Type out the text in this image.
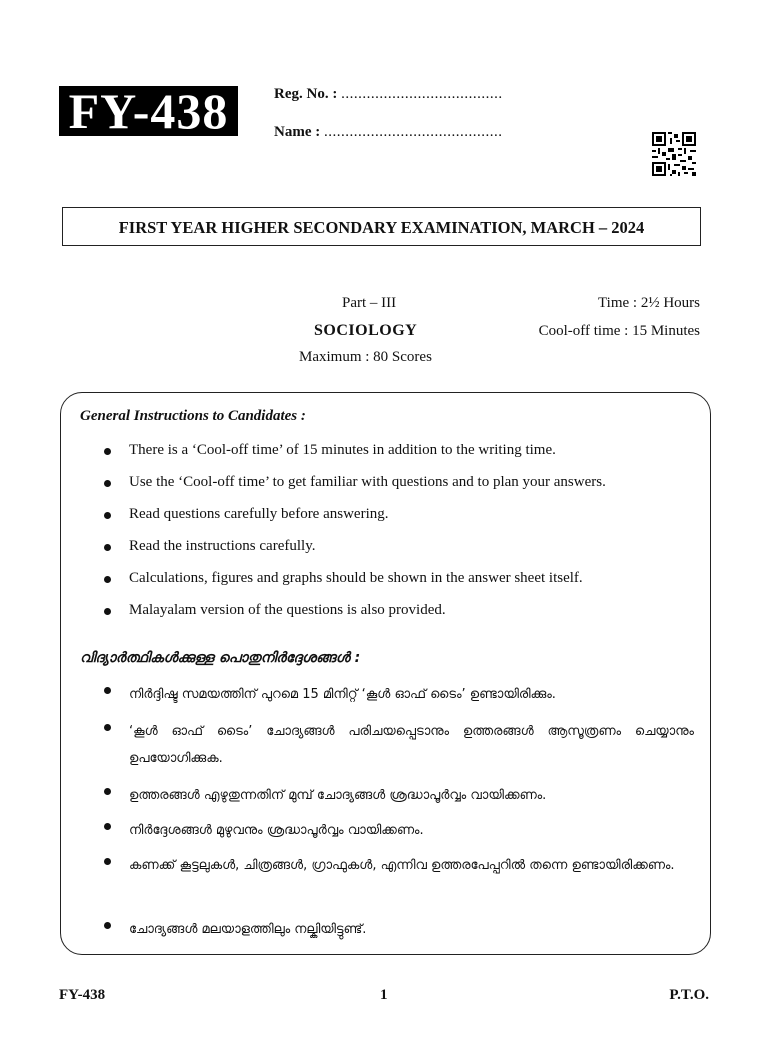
FY-438	Reg. No. : ......................................
Name : ..........................................
FIRST YEAR HIGHER SECONDARY EXAMINATION, MARCH – 2024
Part – III
SOCIOLOGY
Maximum : 80 Scores
Time : 2½ Hours
Cool-off time : 15 Minutes
General Instructions to Candidates :
There is a ‘Cool-off time’ of 15 minutes in addition to the writing time.
Use the ‘Cool-off time’ to get familiar with questions and to plan your answers.
Read questions carefully before answering.
Read the instructions carefully.
Calculations, figures and graphs should be shown in the answer sheet itself.
Malayalam version of the questions is also provided.
വിദ്യാർത്ഥികൾക്കുള്ള പൊതുനിർദ്ദേശങ്ങൾ :
നിർദ്ദിഷ്ട സമയത്തിന് പുറമെ 15 മിനിറ്റ് ‘കൂൾ ഓഫ് ടൈം’ ഉണ്ടായിരിക്കും.
‘കൂൾ ഓഫ് ടൈം’ ചോദ്യങ്ങൾ പരിചയപ്പെടാനും ഉത്തരങ്ങൾ ആസൂത്രണം ചെയ്യാനും ഉപയോഗിക്കുക.
ഉത്തരങ്ങൾ എഴുതുന്നതിന് മുമ്പ് ചോദ്യങ്ങൾ ശ്രദ്ധാപൂർവ്വം വായിക്കണം.
നിർദ്ദേശങ്ങൾ മുഴുവനും ശ്രദ്ധാപൂർവ്വം വായിക്കണം.
കണക്ക് കൂട്ടലുകൾ, ചിത്രങ്ങൾ, ഗ്രാഫുകൾ, എന്നിവ ഉത്തരപേപ്പറിൽ തന്നെ ഉണ്ടായിരിക്കണം.
ചോദ്യങ്ങൾ മലയാളത്തിലും നല്കിയിട്ടുണ്ട്.
FY-438	1	P.T.O.
